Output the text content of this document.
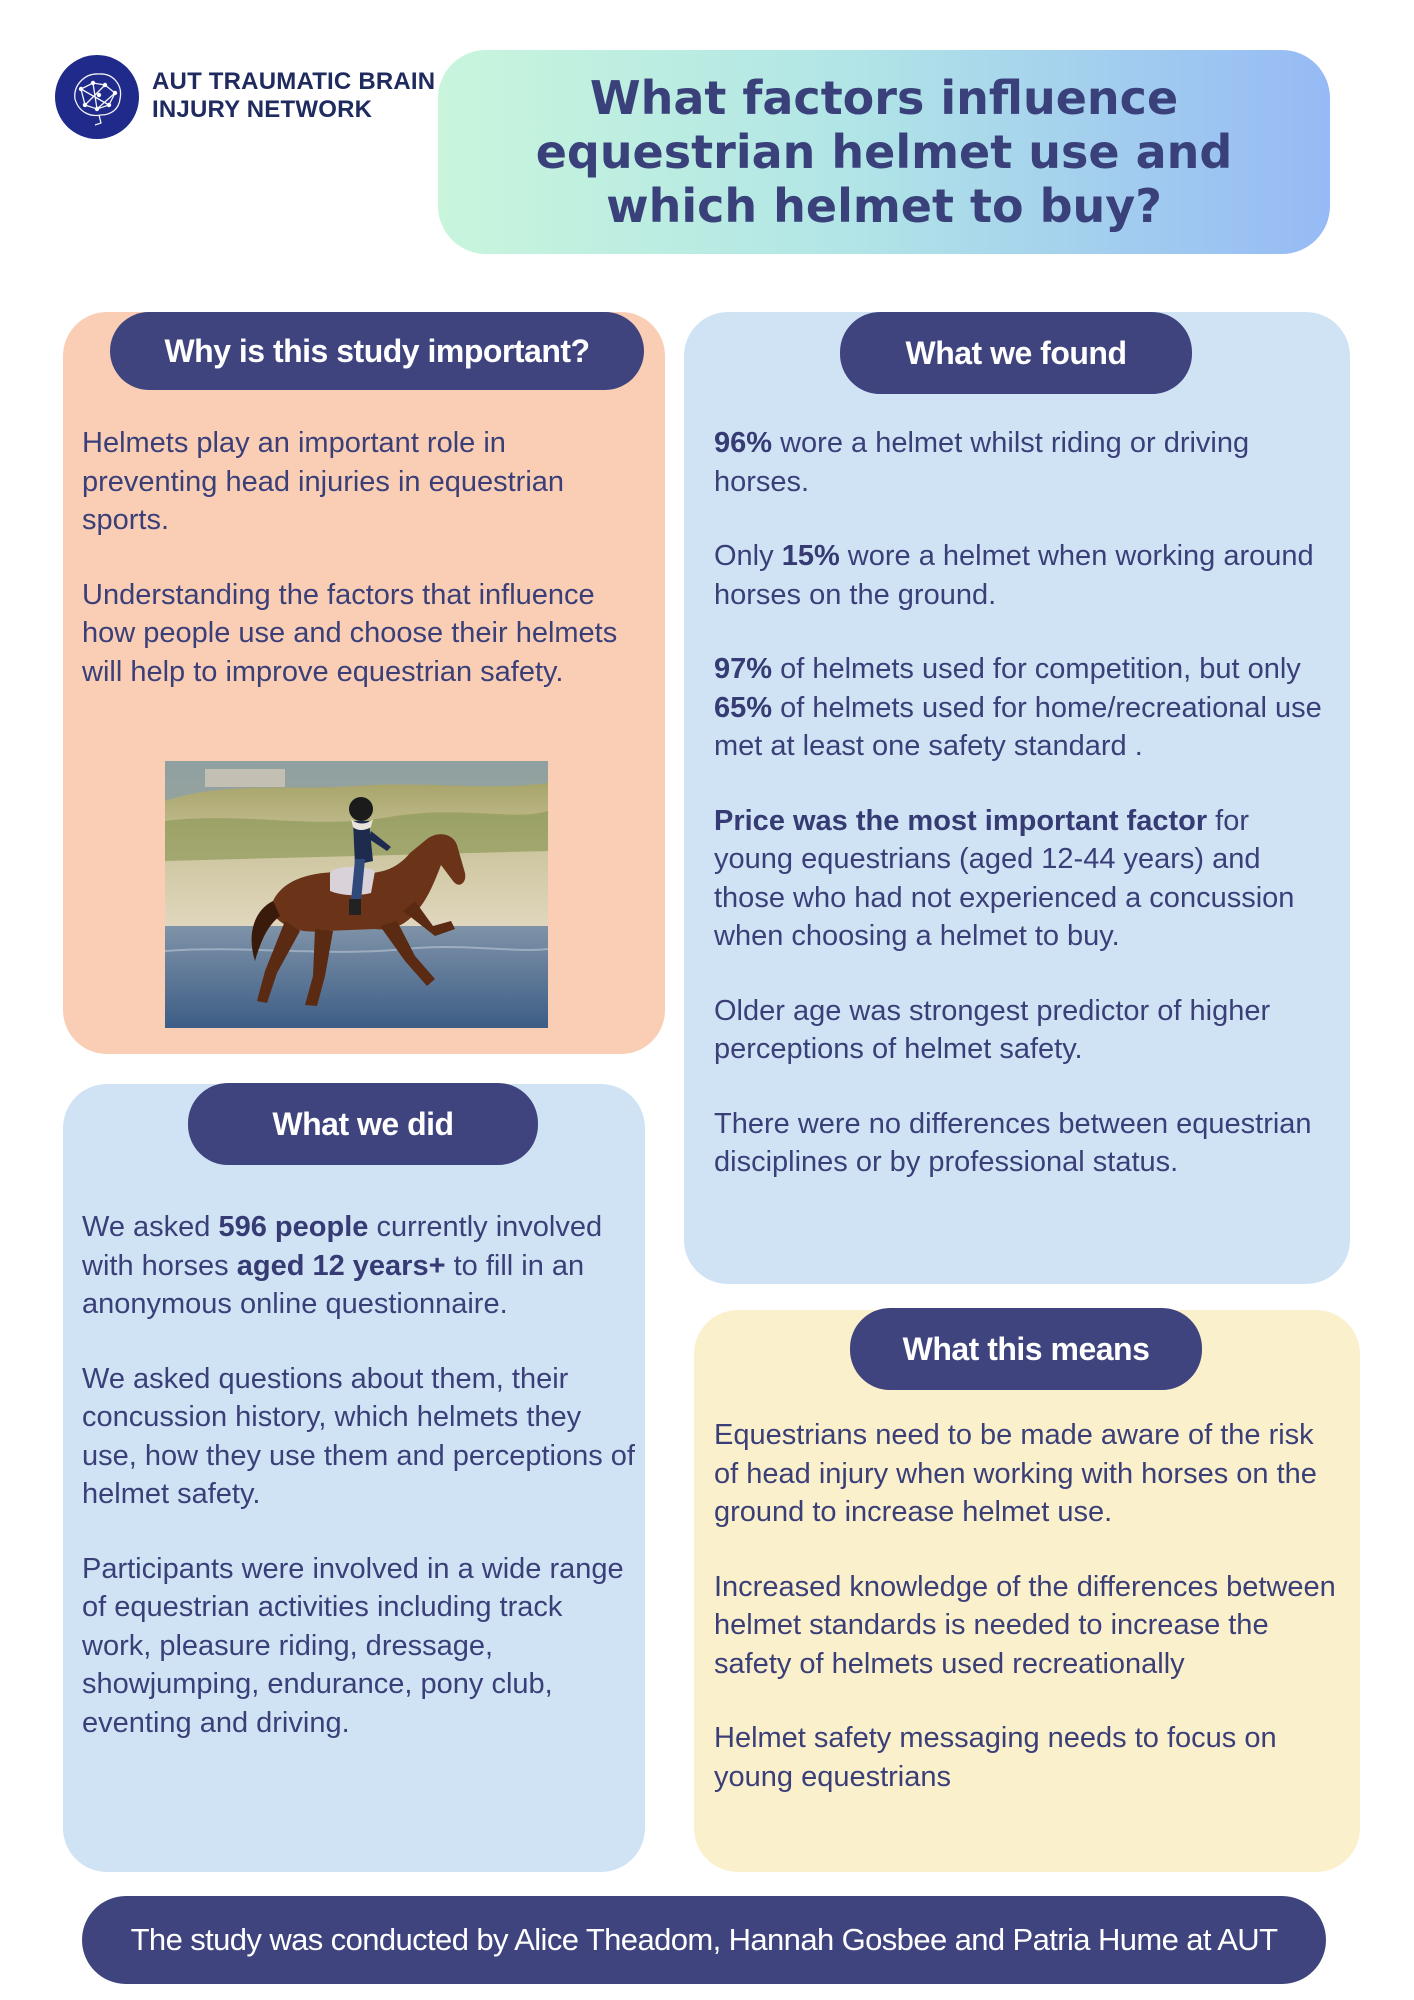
AUT TRAUMATIC BRAIN INJURY NETWORK	What factors influence equestrian helmet use and which helmet to buy?
Why is this study important?	What we found
What we did
What this means

Helmets play an important role in preventing head injuries in equestrian sports.

Understanding the factors that influence how people use and choose their helmets will help to improve equestrian safety.

96% wore a helmet whilst riding or driving horses.

Only 15% wore a helmet when working around horses on the ground.

97% of helmets used for competition, but only 65% of helmets used for home/recreational use met at least one safety standard .

Price was the most important factor for young equestrians (aged 12-44 years) and those who had not experienced a concussion when choosing a helmet to buy.

Older age was strongest predictor of higher perceptions of helmet safety.

There were no differences between equestrian disciplines or by professional status.

We asked 596 people currently involved with horses aged 12 years+ to fill in an anonymous online questionnaire.

We asked questions about them, their concussion history, which helmets they use, how they use them and perceptions of helmet safety.

Participants were involved in a wide range of equestrian activities including track work, pleasure riding, dressage, showjumping, endurance, pony club, eventing and driving.

Equestrians need to be made aware of the risk of head injury when working with horses on the ground to increase helmet use.

Increased knowledge of the differences between helmet standards is needed to increase the safety of helmets used recreationally

Helmet safety messaging needs to focus on young equestrians

The study was conducted by Alice Theadom, Hannah Gosbee and Patria Hume at AUT
